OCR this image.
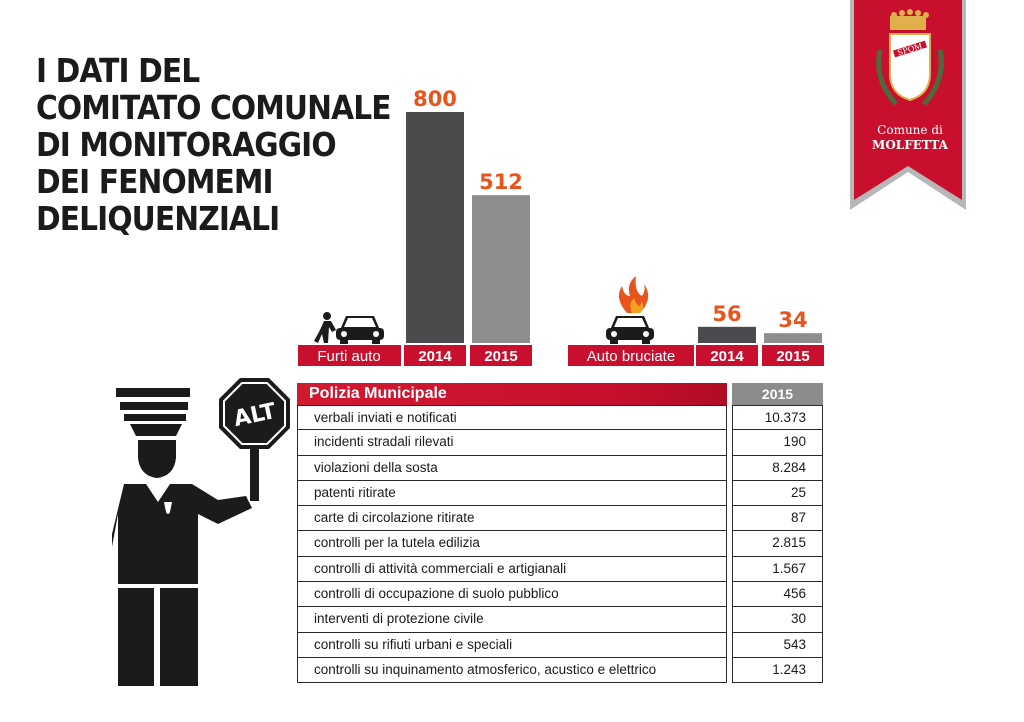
I DATI DEL
COMITATO COMUNALE
DI MONITORAGGIO
DEI FENOMEMI
DELIQUENZIALI
SPQM
Comune di
MOLFETTA
Furti auto
800
2014
512
2015	Auto bruciate
56
2014
34
2015
ALT
Polizia Municipale	2015
verbali inviati e notificati	10.373
incidenti stradali rilevati	190
violazioni della sosta	8.284
patenti ritirate	25
carte di circolazione ritirate	87
controlli per la tutela edilizia	2.815
controlli di attività commerciali e artigianali	1.567
controlli di occupazione di suolo pubblico	456
interventi di protezione civile	30
controlli su rifiuti urbani e speciali	543
controlli su inquinamento atmosferico, acustico e elettrico	1.243
